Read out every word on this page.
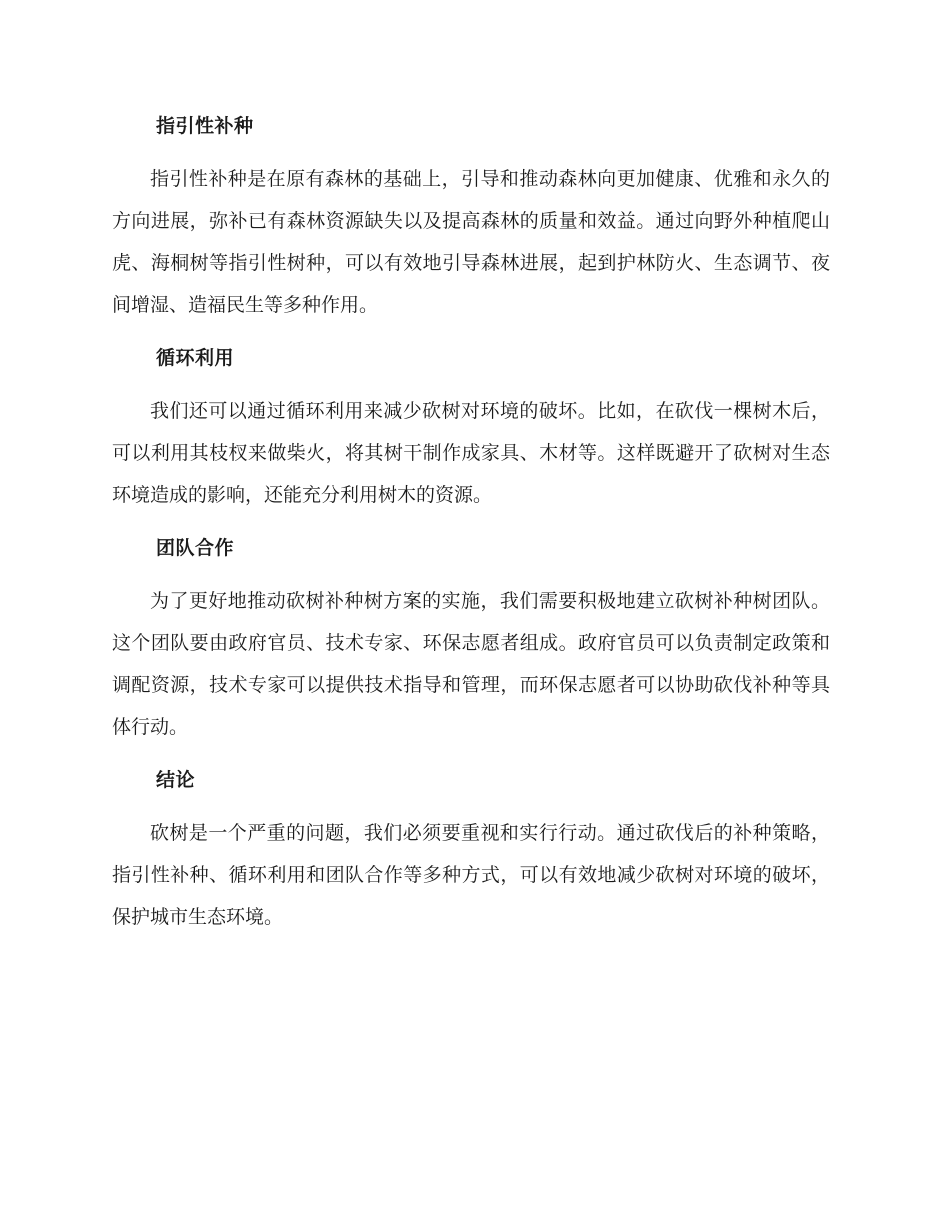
指引性补种

指引性补种是在原有森林的基础上，引导和推动森林向更加健康、优雅和永久的方向进展，弥补已有森林资源缺失以及提高森林的质量和效益。通过向野外种植爬山虎、海桐树等指引性树种，可以有效地引导森林进展，起到护林防火、生态调节、夜间增湿、造福民生等多种作用。

循环利用

我们还可以通过循环利用来减少砍树对环境的破坏。比如，在砍伐一棵树木后，可以利用其枝杈来做柴火，将其树干制作成家具、木材等。这样既避开了砍树对生态环境造成的影响，还能充分利用树木的资源。

团队合作

为了更好地推动砍树补种树方案的实施，我们需要积极地建立砍树补种树团队。这个团队要由政府官员、技术专家、环保志愿者组成。政府官员可以负责制定政策和调配资源，技术专家可以提供技术指导和管理，而环保志愿者可以协助砍伐补种等具体行动。

结论

砍树是一个严重的问题，我们必须要重视和实行行动。通过砍伐后的补种策略，指引性补种、循环利用和团队合作等多种方式，可以有效地减少砍树对环境的破坏，保护城市生态环境。
